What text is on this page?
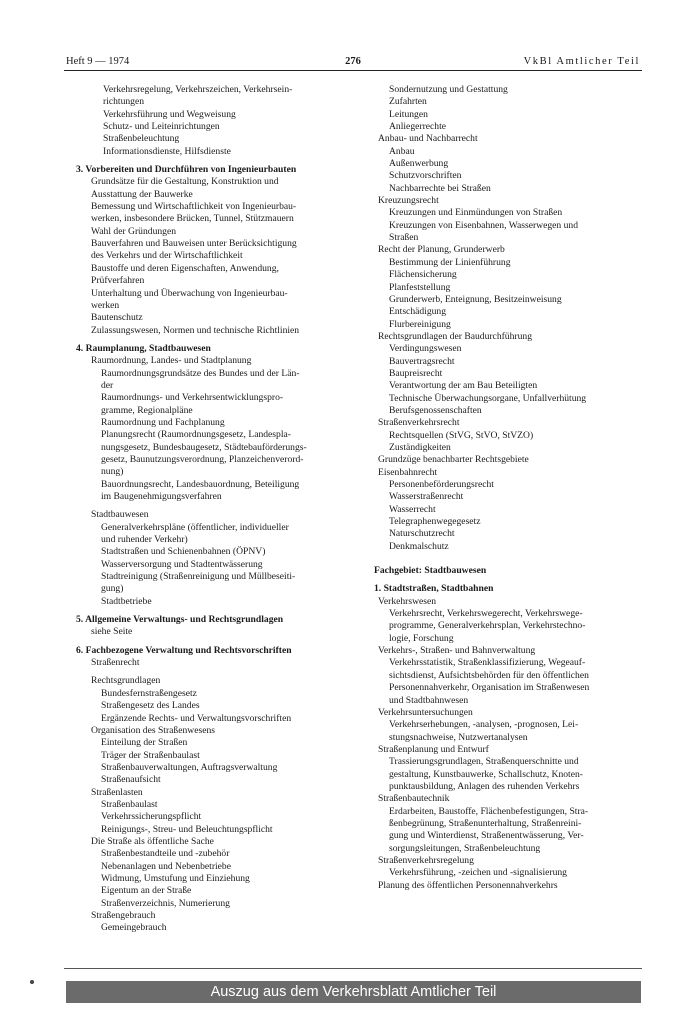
Heft 9 — 1974	276	VkBl Amtlicher Teil
Verkehrsregelung, Verkehrszeichen, Verkehrsein-
richtungen
Verkehrsführung und Wegweisung
Schutz- und Leiteinrichtungen
Straßenbeleuchtung
Informationsdienste, Hilfsdienste
3. Vorbereiten und Durchführen von Ingenieurbauten
Grundsätze für die Gestaltung, Konstruktion und
Ausstattung der Bauwerke
Bemessung und Wirtschaftlichkeit von Ingenieurbau-
werken, insbesondere Brücken, Tunnel, Stützmauern
Wahl der Gründungen
Bauverfahren und Bauweisen unter Berücksichtigung
des Verkehrs und der Wirtschaftlichkeit
Baustoffe und deren Eigenschaften, Anwendung,
Prüfverfahren
Unterhaltung und Überwachung von Ingenieurbau-
werken
Bautenschutz
Zulassungswesen, Normen und technische Richtlinien
4. Raumplanung, Stadtbauwesen
Raumordnung, Landes- und Stadtplanung
Raumordnungsgrundsätze des Bundes und der Län-
der
Raumordnungs- und Verkehrsentwicklungspro-
gramme, Regionalpläne
Raumordnung und Fachplanung
Planungsrecht (Raumordnungsgesetz, Landespla-
nungsgesetz, Bundesbaugesetz, Städtebauförderungs-
gesetz, Baunutzungsverordnung, Planzeichenverord-
nung)
Bauordnungsrecht, Landesbauordnung, Beteiligung
im Baugenehmigungsverfahren
Stadtbauwesen
Generalverkehrspläne (öffentlicher, individueller
und ruhender Verkehr)
Stadtstraßen und Schienenbahnen (ÖPNV)
Wasserversorgung und Stadtentwässerung
Stadtreinigung (Straßenreinigung und Müllbeseiti-
gung)
Stadtbetriebe
5. Allgemeine Verwaltungs- und Rechtsgrundlagen
siehe Seite
6. Fachbezogene Verwaltung und Rechtsvorschriften
Straßenrecht
Rechtsgrundlagen
Bundesfernstraßengesetz
Straßengesetz des Landes
Ergänzende Rechts- und Verwaltungsvorschriften
Organisation des Straßenwesens
Einteilung der Straßen
Träger der Straßenbaulast
Straßenbauverwaltungen, Auftragsverwaltung
Straßenaufsicht
Straßenlasten
Straßenbaulast
Verkehrssicherungspflicht
Reinigungs-, Streu- und Beleuchtungspflicht
Die Straße als öffentliche Sache
Straßenbestandteile und -zubehör
Nebenanlagen und Nebenbetriebe
Widmung, Umstufung und Einziehung
Eigentum an der Straße
Straßenverzeichnis, Numerierung
Straßengebrauch
Gemeingebrauch
Sondernutzung und Gestattung
Zufahrten
Leitungen
Anliegerrechte
Anbau- und Nachbarrecht
Anbau
Außenwerbung
Schutzvorschriften
Nachbarrechte bei Straßen
Kreuzungsrecht
Kreuzungen und Einmündungen von Straßen
Kreuzungen von Eisenbahnen, Wasserwegen und
Straßen
Recht der Planung, Grunderwerb
Bestimmung der Linienführung
Flächensicherung
Planfeststellung
Grunderwerb, Enteignung, Besitzeinweisung
Entschädigung
Flurbereinigung
Rechtsgrundlagen der Baudurchführung
Verdingungswesen
Bauvertragsrecht
Baupreisrecht
Verantwortung der am Bau Beteiligten
Technische Überwachungsorgane, Unfallverhütung
Berufsgenossenschaften
Straßenverkehrsrecht
Rechtsquellen (StVG, StVO, StVZO)
Zuständigkeiten
Grundzüge benachbarter Rechtsgebiete
Eisenbahnrecht
Personenbeförderungsrecht
Wasserstraßenrecht
Wasserrecht
Telegraphenwegegesetz
Naturschutzrecht
Denkmalschutz
Fachgebiet: Stadtbauwesen
1. Stadtstraßen, Stadtbahnen
Verkehrswesen
Verkehrsrecht, Verkehrswegerecht, Verkehrswege-
programme, Generalverkehrsplan, Verkehrstechno-
logie, Forschung
Verkehrs-, Straßen- und Bahnverwaltung
Verkehrsstatistik, Straßenklassifizierung, Wegeauf-
sichtsdienst, Aufsichtsbehörden für den öffentlichen
Personennahverkehr, Organisation im Straßenwesen
und Stadtbahnwesen
Verkehrsuntersuchungen
Verkehrserhebungen, -analysen, -prognosen, Lei-
stungsnachweise, Nutzwertanalysen
Straßenplanung und Entwurf
Trassierungsgrundlagen, Straßenquerschnitte und
gestaltung, Kunstbauwerke, Schallschutz, Knoten-
punktausbildung, Anlagen des ruhenden Verkehrs
Straßenbautechnik
Erdarbeiten, Baustoffe, Flächenbefestigungen, Stra-
ßenbegrünung, Straßenunterhaltung, Straßenreini-
gung und Winterdienst, Straßenentwässerung, Ver-
sorgungsleitungen, Straßenbeleuchtung
Straßenverkehrsregelung
Verkehrsführung, -zeichen und -signalisierung
Planung des öffentlichen Personennahverkehrs
Auszug aus dem Verkehrsblatt Amtlicher Teil
